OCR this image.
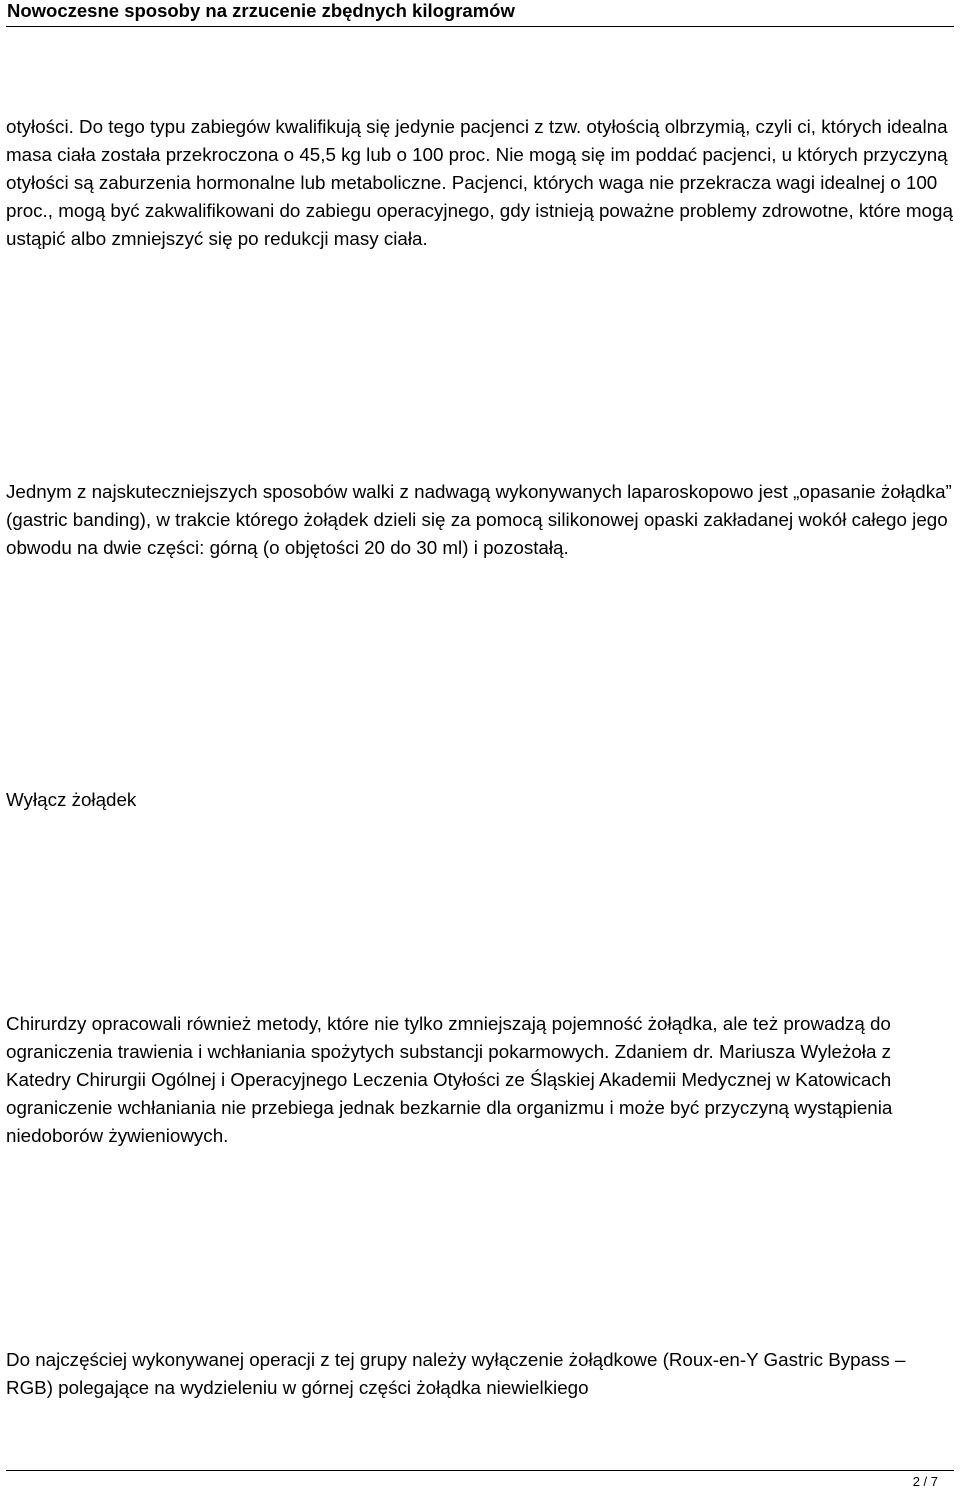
Nowoczesne sposoby na zrzucenie zbędnych kilogramów

otyłości. Do tego typu zabiegów kwalifikują się jedynie pacjenci z tzw. otyłością olbrzymią, czyli ci, których idealna masa ciała została przekroczona o 45,5 kg lub o 100 proc. Nie mogą się im poddać pacjenci, u których przyczyną otyłości są zaburzenia hormonalne lub metaboliczne. Pacjenci, których waga nie przekracza wagi idealnej o 100 proc., mogą być zakwalifikowani do zabiegu operacyjnego, gdy istnieją poważne problemy zdrowotne, które mogą ustąpić albo zmniejszyć się po redukcji masy ciała.

Jednym z najskuteczniejszych sposobów walki z nadwagą wykonywanych laparoskopowo jest „opasanie żołądka” (gastric banding), w trakcie którego żołądek dzieli się za pomocą silikonowej opaski zakładanej wokół całego jego obwodu na dwie części: górną (o objętości 20 do 30 ml) i pozostałą.

Wyłącz żołądek

Chirurdzy opracowali również metody, które nie tylko zmniejszają pojemność żołądka, ale też prowadzą do ograniczenia trawienia i wchłaniania spożytych substancji pokarmowych. Zdaniem dr. Mariusza Wyleżoła z Katedry Chirurgii Ogólnej i Operacyjnego Leczenia Otyłości ze Śląskiej Akademii Medycznej w Katowicach ograniczenie wchłaniania nie przebiega jednak bezkarnie dla organizmu i może być przyczyną wystąpienia niedoborów żywieniowych.

Do najczęściej wykonywanej operacji z tej grupy należy wyłączenie żołądkowe (Roux-en-Y Gastric Bypass – RGB) polegające na wydzieleniu w górnej części żołądka niewielkiego

2 / 7
